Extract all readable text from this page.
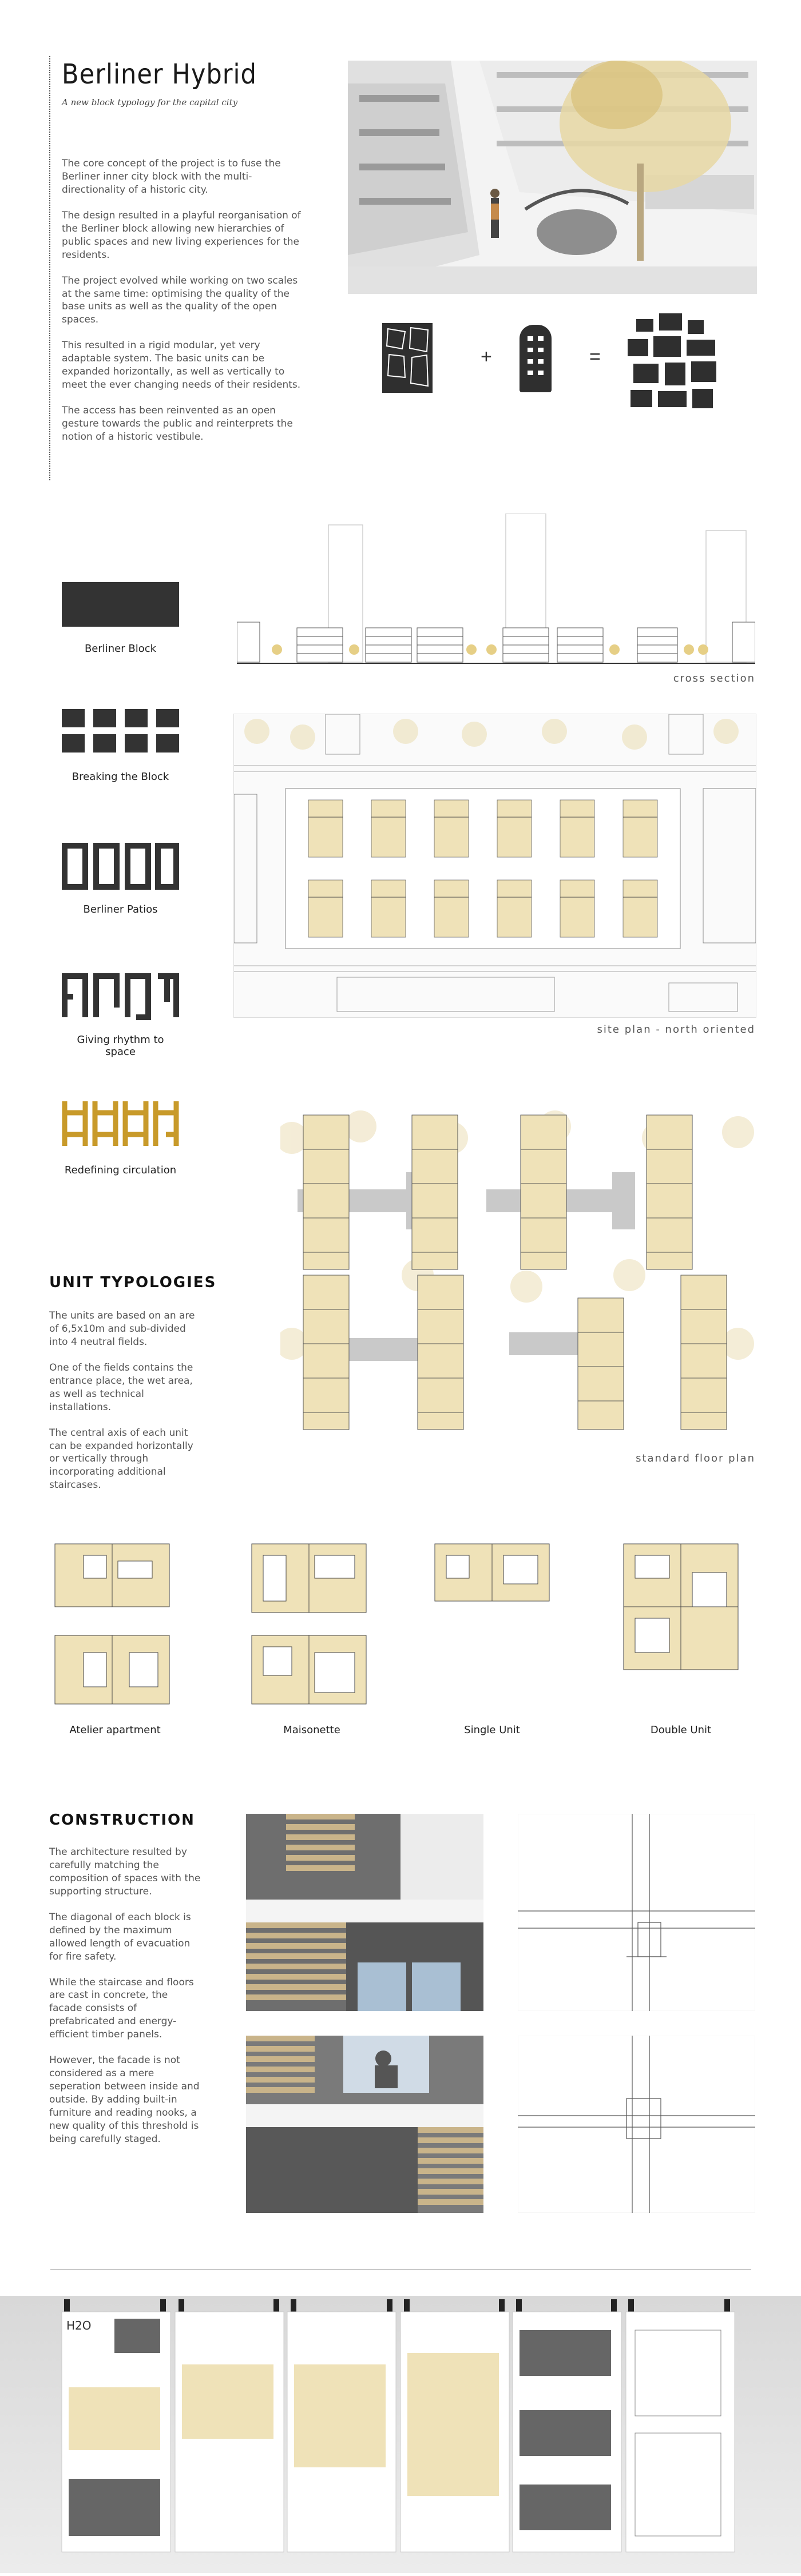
Berliner Hybrid
A new block typology for the capital city

The core concept of the project is to fuse the Berliner inner city block with the multi-directionality of a historic city.

The design resulted in a playful reorganisation of the Berliner block allowing new hierarchies of public spaces and new living experiences for the residents.

The project evolved while working on two scales at the same time: optimising the quality of the base units as well as the quality of the open spaces.

This resulted in a rigid modular, yet very adaptable system. The basic units can be expanded horizontally, as well as vertically to meet the ever changing needs of their residents.

The access has been reinvented as an open gesture towards the public and reinterprets the notion of a historic vestibule.

+	=
Berliner Block
Breaking the Block
Berliner Patios
Giving rhythm to space
Redefining circulation
cross section
site plan - north oriented
standard floor plan
UNIT TYPOLOGIES

The units are based on an are of 6,5x10m and sub-divided into 4 neutral fields.

One of the fields contains the entrance place, the wet area, as well as technical installations.

The central axis of each unit can be expanded horizontally or vertically through incorporating additional staircases.

Atelier apartment	Maisonette	Single Unit	Double Unit
CONSTRUCTION

The architecture resulted by carefully matching the composition of spaces with the supporting structure.

The diagonal of each block is defined by the maximum allowed length of evacuation for fire safety.

While the staircase and floors are cast in concrete, the facade consists of prefabricated and energy-efficient timber panels.

However, the facade is not considered as a mere seperation between inside and outside. By adding built-in furniture and reading nooks, a new quality of this threshold is being carefully staged.

H2O
